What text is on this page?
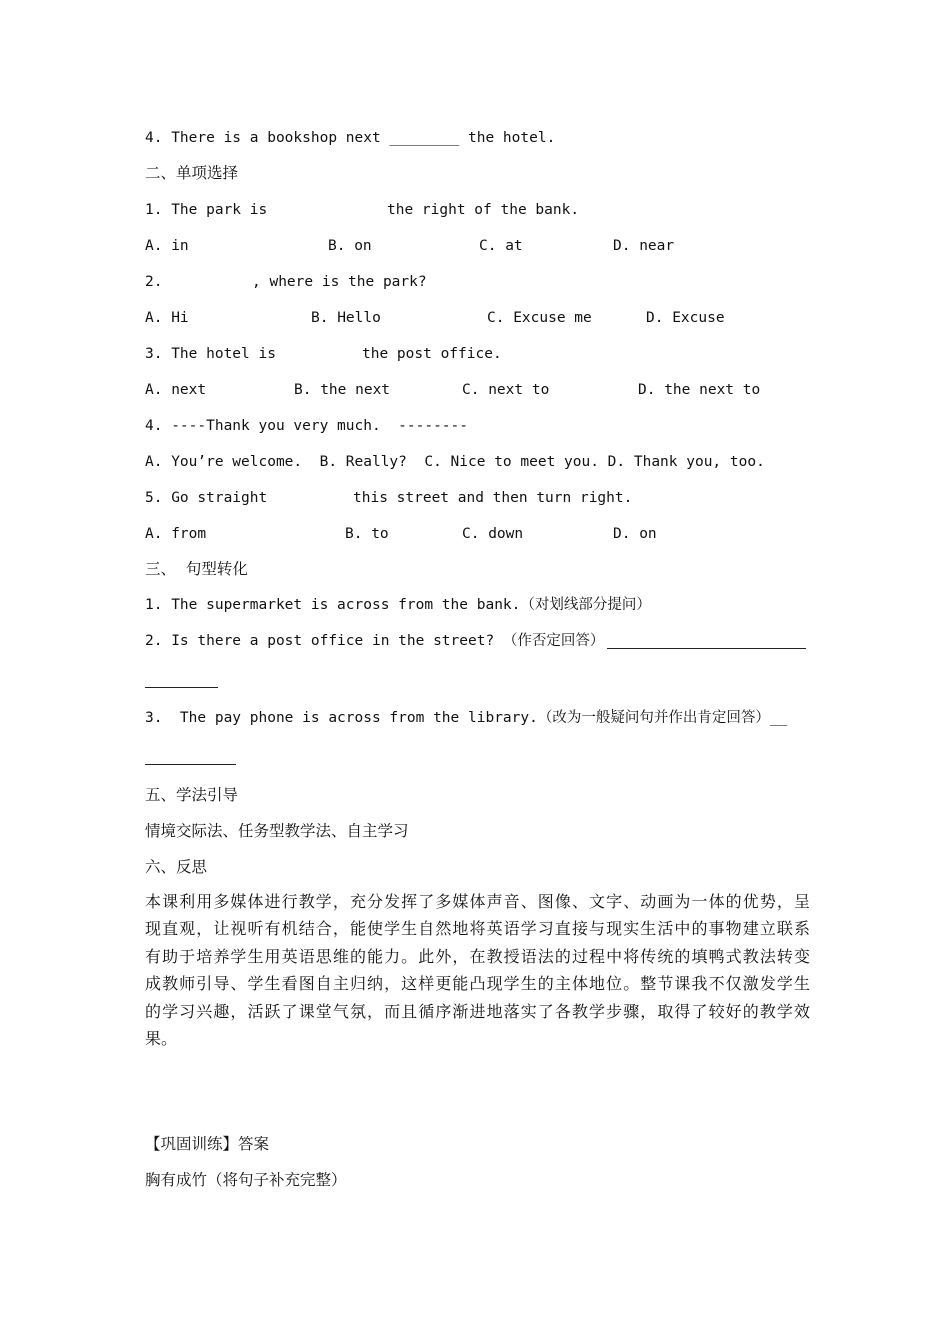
4. There is a bookshop next ________ the hotel.
二、单项选择
1. The park is	the right of the bank.
A. in	B. on	C. at	D. near
2.	, where is the park?
A. Hi	B. Hello	C. Excuse me	D. Excuse
3. The hotel is	the post office.
A. next	B. the next	C. next to	D. the next to
4. ----Thank you very much.  --------
A. You’re welcome.  B. Really?  C. Nice to meet you. D. Thank you, too.
5. Go straight	this street and then turn right.
A. from	B. to	C. down	D. on
三、  句型转化
1. The supermarket is across from the bank.（对划线部分提问）
2. Is there a post office in the street? （作否定回答）
3.  The pay phone is across from the library.（改为一般疑问句并作出肯定回答）__
五、学法引导
情境交际法、任务型教学法、自主学习
六、反思
本课利用多媒体进行教学，充分发挥了多媒体声音、图像、文字、动画为一体的优势，呈
现直观，让视听有机结合，能使学生自然地将英语学习直接与现实生活中的事物建立联系
有助于培养学生用英语思维的能力。此外，在教授语法的过程中将传统的填鸭式教法转变
成教师引导、学生看图自主归纳，这样更能凸现学生的主体地位。整节课我不仅激发学生
的学习兴趣，活跃了课堂气氛，而且循序渐进地落实了各教学步骤，取得了较好的教学效
果。
【巩固训练】答案
胸有成竹（将句子补充完整）
